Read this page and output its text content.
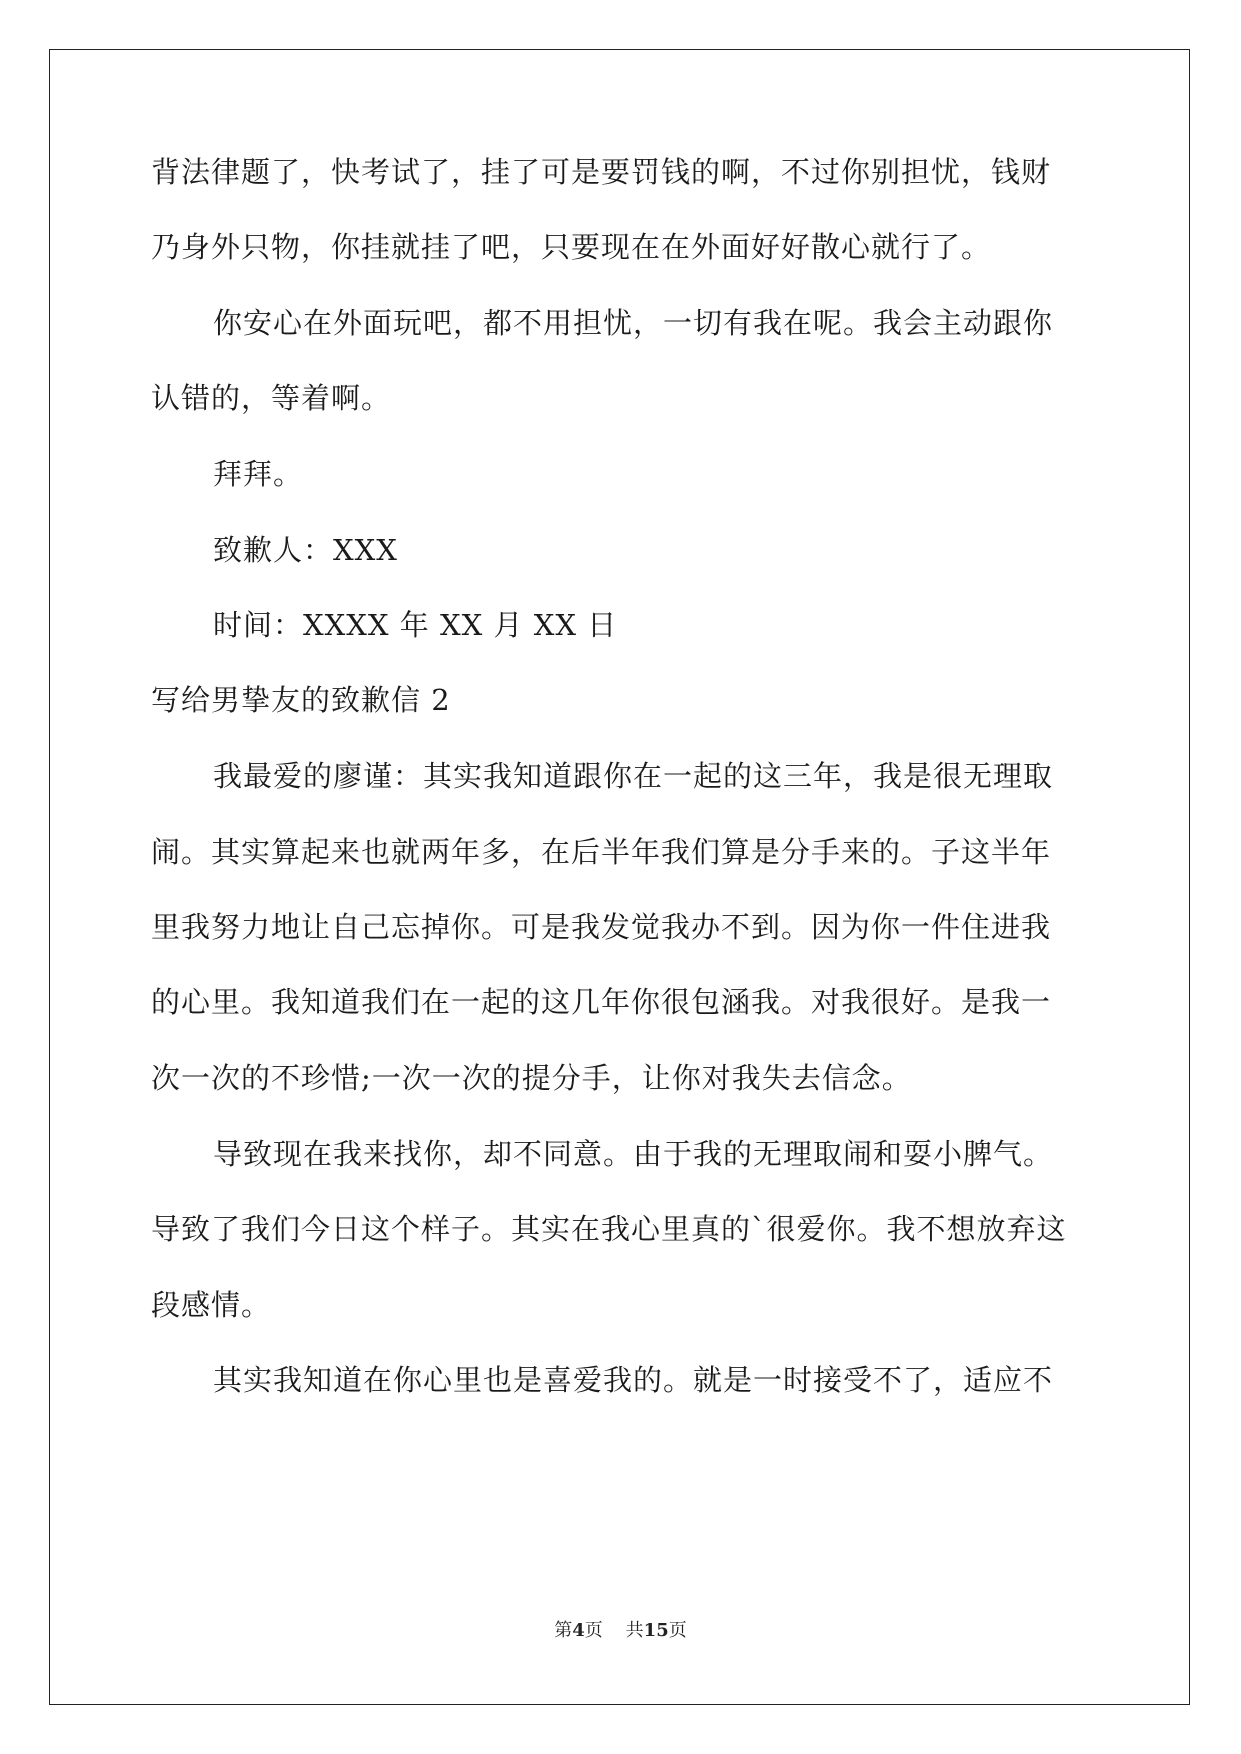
背法律题了，快考试了，挂了可是要罚钱的啊，不过你别担忧，钱财
乃身外只物，你挂就挂了吧，只要现在在外面好好散心就行了。
你安心在外面玩吧，都不用担忧，一切有我在呢。我会主动跟你
认错的，等着啊。
拜拜。
致歉人：XXX
时间：XXXX 年 XX 月 XX 日
写给男挚友的致歉信 2
我最爱的廖谨：其实我知道跟你在一起的这三年，我是很无理取
闹。其实算起来也就两年多，在后半年我们算是分手来的。子这半年
里我努力地让自己忘掉你。可是我发觉我办不到。因为你一件住进我
的心里。我知道我们在一起的这几年你很包涵我。对我很好。是我一
次一次的不珍惜;一次一次的提分手，让你对我失去信念。
导致现在我来找你，却不同意。由于我的无理取闹和耍小脾气。
导致了我们今日这个样子。其实在我心里真的`很爱你。我不想放弃这
段感情。
其实我知道在你心里也是喜爱我的。就是一时接受不了，适应不
第4页 共15页
